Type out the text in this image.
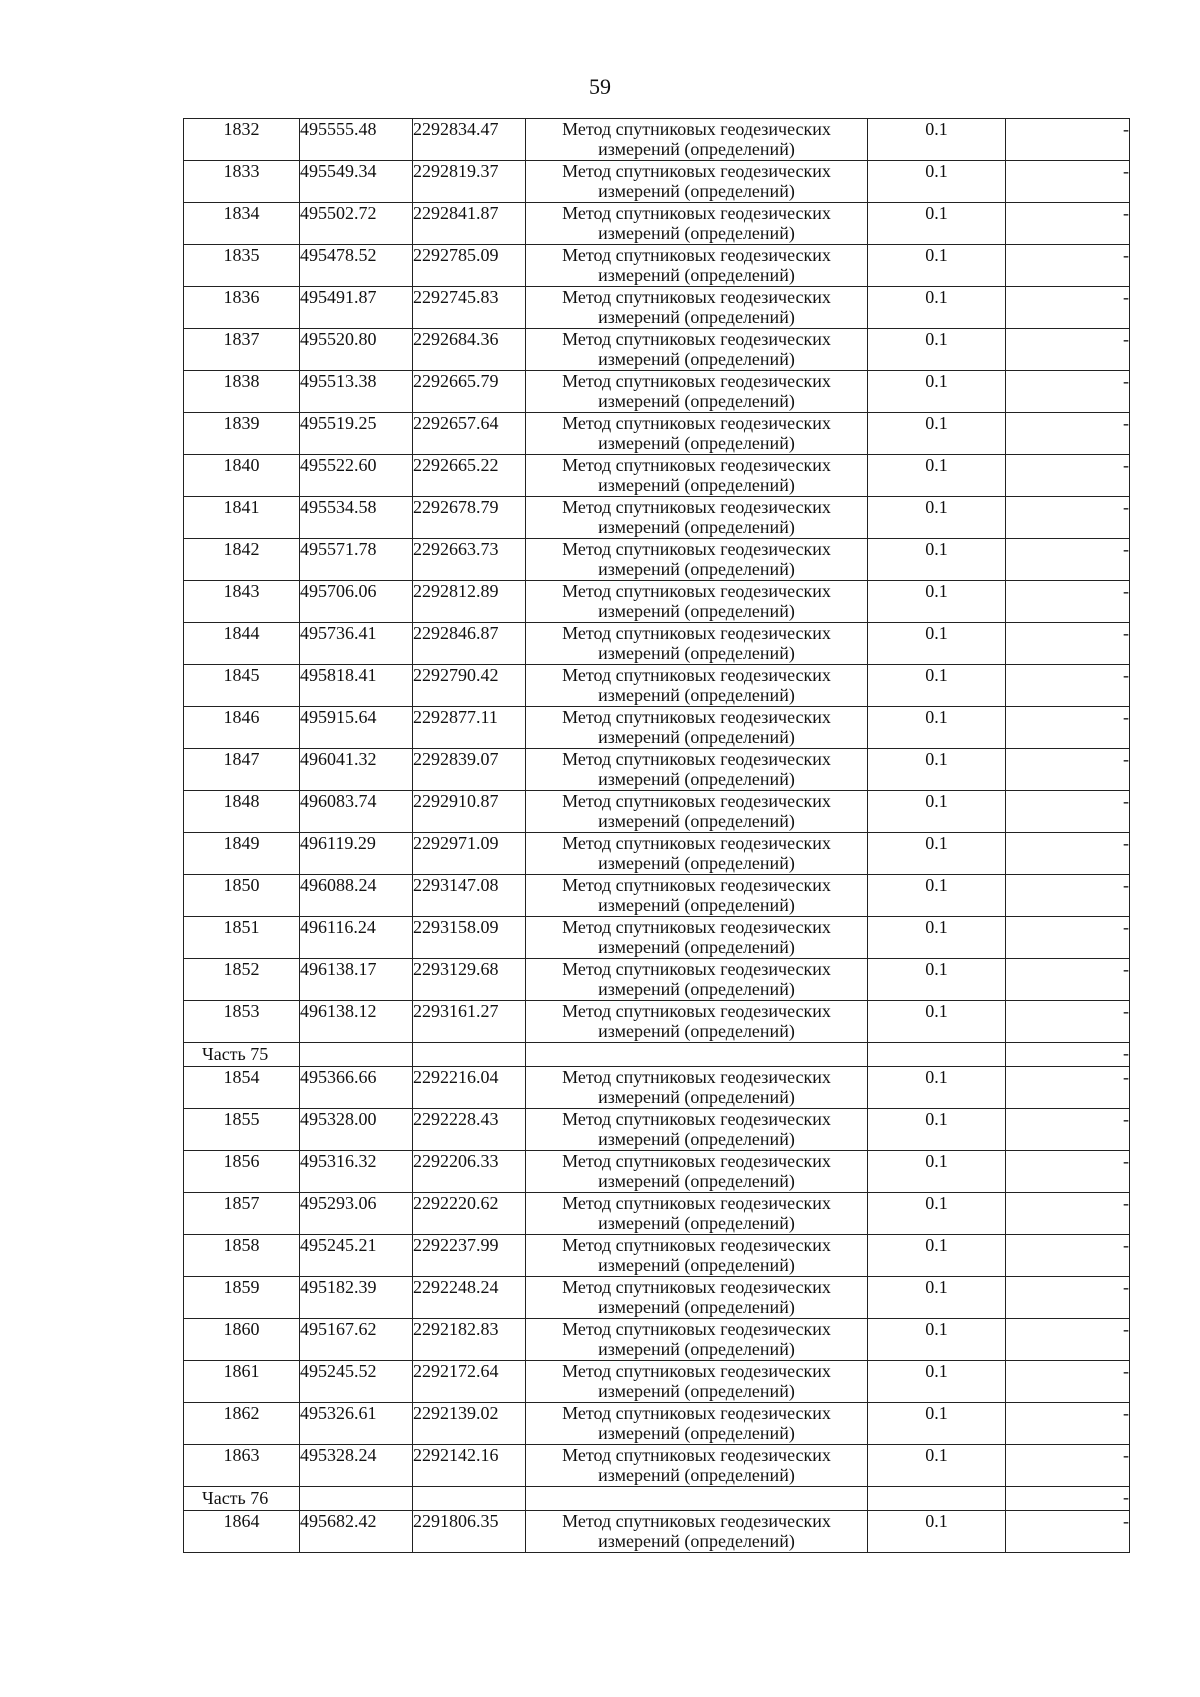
59
1832	495555.48	2292834.47	Метод спутниковых геодезических
измерений (определений)	0.1	-
1833	495549.34	2292819.37	Метод спутниковых геодезических
измерений (определений)	0.1	-
1834	495502.72	2292841.87	Метод спутниковых геодезических
измерений (определений)	0.1	-
1835	495478.52	2292785.09	Метод спутниковых геодезических
измерений (определений)	0.1	-
1836	495491.87	2292745.83	Метод спутниковых геодезических
измерений (определений)	0.1	-
1837	495520.80	2292684.36	Метод спутниковых геодезических
измерений (определений)	0.1	-
1838	495513.38	2292665.79	Метод спутниковых геодезических
измерений (определений)	0.1	-
1839	495519.25	2292657.64	Метод спутниковых геодезических
измерений (определений)	0.1	-
1840	495522.60	2292665.22	Метод спутниковых геодезических
измерений (определений)	0.1	-
1841	495534.58	2292678.79	Метод спутниковых геодезических
измерений (определений)	0.1	-
1842	495571.78	2292663.73	Метод спутниковых геодезических
измерений (определений)	0.1	-
1843	495706.06	2292812.89	Метод спутниковых геодезических
измерений (определений)	0.1	-
1844	495736.41	2292846.87	Метод спутниковых геодезических
измерений (определений)	0.1	-
1845	495818.41	2292790.42	Метод спутниковых геодезических
измерений (определений)	0.1	-
1846	495915.64	2292877.11	Метод спутниковых геодезических
измерений (определений)	0.1	-
1847	496041.32	2292839.07	Метод спутниковых геодезических
измерений (определений)	0.1	-
1848	496083.74	2292910.87	Метод спутниковых геодезических
измерений (определений)	0.1	-
1849	496119.29	2292971.09	Метод спутниковых геодезических
измерений (определений)	0.1	-
1850	496088.24	2293147.08	Метод спутниковых геодезических
измерений (определений)	0.1	-
1851	496116.24	2293158.09	Метод спутниковых геодезических
измерений (определений)	0.1	-
1852	496138.17	2293129.68	Метод спутниковых геодезических
измерений (определений)	0.1	-
1853	496138.12	2293161.27	Метод спутниковых геодезических
измерений (определений)	0.1	-
Часть 75					-
1854	495366.66	2292216.04	Метод спутниковых геодезических
измерений (определений)	0.1	-
1855	495328.00	2292228.43	Метод спутниковых геодезических
измерений (определений)	0.1	-
1856	495316.32	2292206.33	Метод спутниковых геодезических
измерений (определений)	0.1	-
1857	495293.06	2292220.62	Метод спутниковых геодезических
измерений (определений)	0.1	-
1858	495245.21	2292237.99	Метод спутниковых геодезических
измерений (определений)	0.1	-
1859	495182.39	2292248.24	Метод спутниковых геодезических
измерений (определений)	0.1	-
1860	495167.62	2292182.83	Метод спутниковых геодезических
измерений (определений)	0.1	-
1861	495245.52	2292172.64	Метод спутниковых геодезических
измерений (определений)	0.1	-
1862	495326.61	2292139.02	Метод спутниковых геодезических
измерений (определений)	0.1	-
1863	495328.24	2292142.16	Метод спутниковых геодезических
измерений (определений)	0.1	-
Часть 76					-
1864	495682.42	2291806.35	Метод спутниковых геодезических
измерений (определений)	0.1	-
